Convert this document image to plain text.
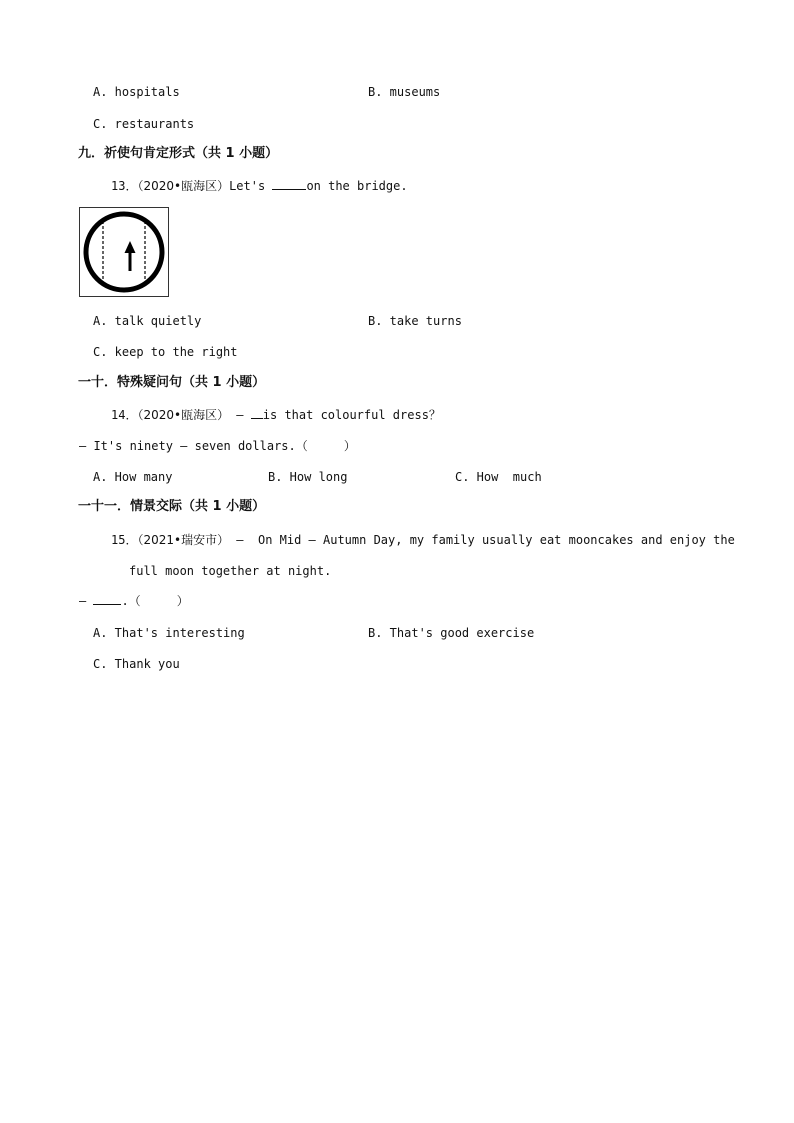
A. hospitals	B. museums
C. restaurants
九．祈使句肯定形式（共 1 小题）
13．（2020•瓯海区）Let's	on the bridge.
A. talk quietly	B. take turns
C. keep to the right
一十．特殊疑问句（共 1 小题）
14．（2020•瓯海区） – is that colourful dress？
– It's ninety – seven dollars.（     ）
A. How many	B. How long	C. How  much
一十一．情景交际（共 1 小题）
15．（2021•瑞安市） –  On Mid – Autumn Day, my family usually eat mooncakes and enjoy the
full moon together at night.
– .（     ）
A. That's interesting	B. That's good exercise
C. Thank you
